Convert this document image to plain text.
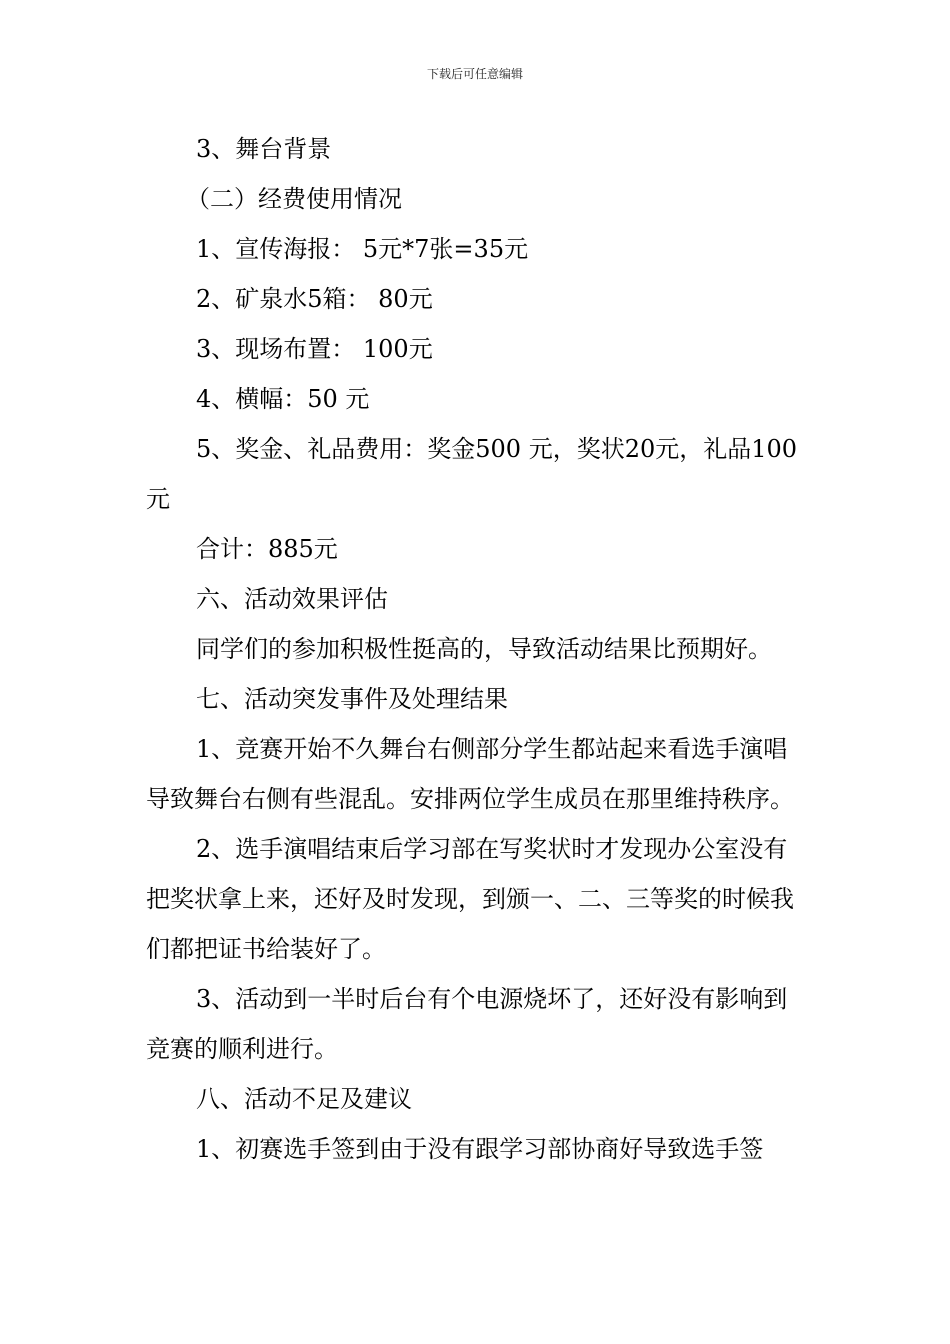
下载后可任意编辑

3、舞台背景

（二）经费使用情况

1、宣传海报： 5元*7张=35元

2、矿泉水5箱： 80元

3、现场布置： 100元

4、横幅：50 元

5、奖金、礼品费用：奖金500 元，奖状20元，礼品100元

合计：885元

六、活动效果评估

同学们的参加积极性挺高的，导致活动结果比预期好。

七、活动突发事件及处理结果

1、竞赛开始不久舞台右侧部分学生都站起来看选手演唱导致舞台右侧有些混乱。安排两位学生成员在那里维持秩序。

2、选手演唱结束后学习部在写奖状时才发现办公室没有把奖状拿上来，还好及时发现，到颁一、二、三等奖的时候我们都把证书给装好了。

3、活动到一半时后台有个电源烧坏了，还好没有影响到竞赛的顺利进行。

八、活动不足及建议

1、初赛选手签到由于没有跟学习部协商好导致选手签
